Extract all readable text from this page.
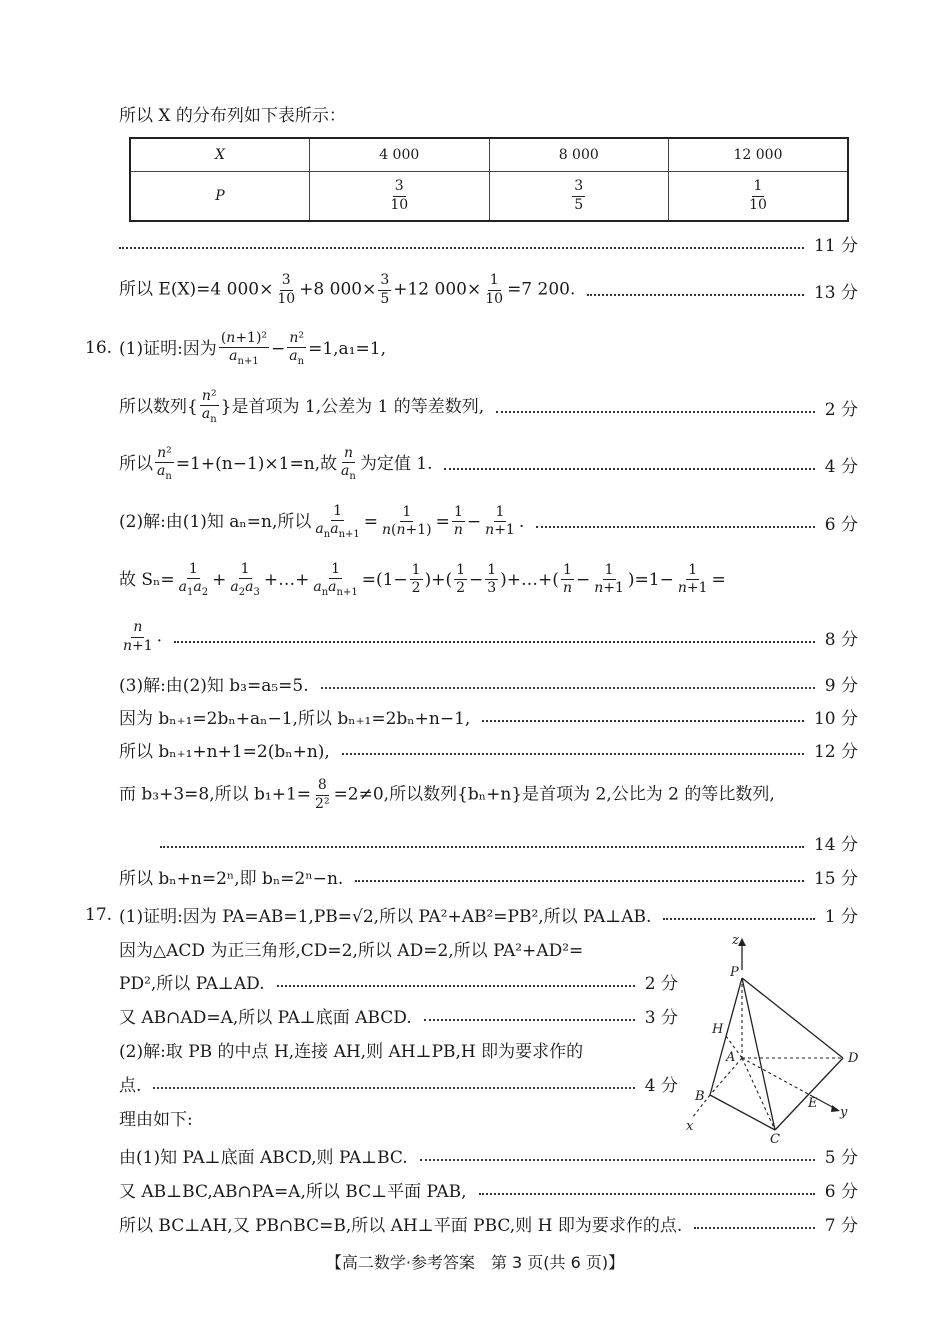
所以 X 的分布列如下表所示：
X	4 000	8 000	12 000
P	$\frac{3}{10}$	$\frac{3}{5}$	$\frac{1}{10}$
11 分
所以 E(X)=4 $000\times \frac{3}{10} +8$ $000\times \frac{3}{5} +12$ $000\times \frac{1}{10} =7$ 200.	13 分
16. (1)证明:因为 $\frac{\text{(n+1)²}}{a_{n+1}} - \frac{\text{n²}}{a_n} =1,a_1=1$,
所以数列{ $\frac{\text{n²}}{a_n}$ }是首项为 1,公差为 1 的等差数列,	2 分
所以 $\frac{\text{n²}}{a_n} =1+(n-1)\times 1=n$,故 $\frac{n}{a_n}$ 为定值 1.	4 分
(2)解:由(1)知 aₙ=n,所以 $\frac{1}{a_na_{n+1}} = \frac{1}{n(n+1)} = \frac{1}{n} - \frac{1}{n+1}$ .	6 分
故 $S_n= \frac{1}{a_1a_2} + \frac{1}{a_2a_3}$ +…+ $\frac{1}{a_na_{n+1}} =(1- \frac{1}{2}$ )+( $\frac{1}{2} - \frac{1}{3}$ )+…+( $\frac{1}{n} - \frac{1}{n+1} )=1- \frac{1}{n+1}$ =
$\frac{n}{n+1}$ .	8 分
(3)解:由(2)知 b₃=a₅=5.	9 分
因为 bₙ₊₁=2bₙ+aₙ−1,所以 bₙ₊₁=2bₙ+n−1,	10 分
所以 bₙ₊₁+n+1=2(bₙ+n),	12 分
而 b₃+3=8,所以 $b_1+1= \frac{8}{\text{2²}} =2\ne 0$,所以数列{bₙ+n}是首项为 2,公比为 2 的等比数列,
14 分
所以 bₙ+n=2ⁿ,即 bₙ=2ⁿ−n.	15 分
17. (1)证明:因为 PA=AB=1,PB=√2,所以 PA²+AB²=PB²,所以 PA⊥AB.	1 分
因为△ACD 为正三角形,CD=2,所以 AD=2,所以 PA²+AD²=
PD²,所以 PA⊥AD.	2 分
又 AB∩AD=A,所以 PA⊥底面 ABCD.	3 分
(2)解:取 PB 的中点 H,连接 AH,则 AH⊥PB,H 即为要求作的
点.	4 分
理由如下:
由(1)知 PA⊥底面 ABCD,则 PA⊥BC.	5 分
又 AB⊥BC,AB∩PA=A,所以 BC⊥平面 PAB,	6 分
所以 BC⊥AH,又 PB∩BC=B,所以 AH⊥平面 PBC,则 H 即为要求作的点.	7 分
z
P
H
A	D
B	E
y
x
C
【高二数学·参考答案　第 3 页(共 6 页)】
